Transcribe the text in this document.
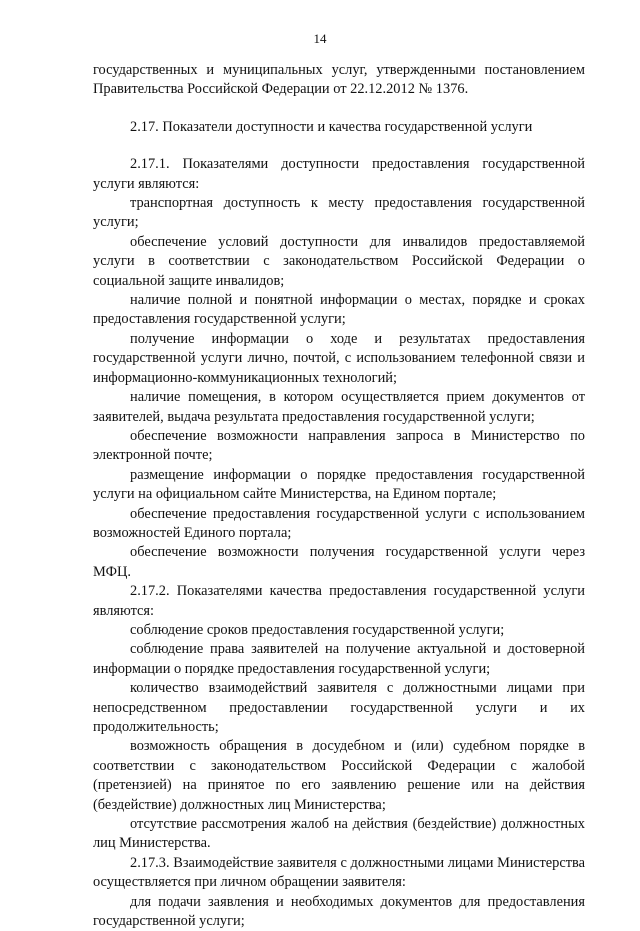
14

государственных и муниципальных услуг, утвержденными постановлением Правительства Российской Федерации от 22.12.2012 № 1376.

2.17. Показатели доступности и качества государственной услуги

2.17.1. Показателями доступности предоставления государственной услуги являются:

транспортная доступность к месту предоставления государственной услуги;

обеспечение условий доступности для инвалидов предоставляемой услуги в соответствии с законодательством Российской Федерации о социальной защите инвалидов;

наличие полной и понятной информации о местах, порядке и сроках предоставления государственной услуги;

получение информации о ходе и результатах предоставления государственной услуги лично, почтой, с использованием телефонной связи и информационно-коммуникационных технологий;

наличие помещения, в котором осуществляется прием документов от заявителей, выдача результата предоставления государственной услуги;

обеспечение возможности направления запроса в Министерство по электронной почте;

размещение информации о порядке предоставления государственной услуги на официальном сайте Министерства, на Едином портале;

обеспечение предоставления государственной услуги с использованием возможностей Единого портала;

обеспечение возможности получения государственной услуги через МФЦ.

2.17.2. Показателями качества предоставления государственной услуги являются:

соблюдение сроков предоставления государственной услуги;

соблюдение права заявителей на получение актуальной и достоверной информации о порядке предоставления государственной услуги;

количество взаимодействий заявителя с должностными лицами при непосредственном предоставлении государственной услуги и их продолжительность;

возможность обращения в досудебном и (или) судебном порядке в соответствии с законодательством Российской Федерации с жалобой (претензией) на принятое по его заявлению решение или на действия (бездействие) должностных лиц Министерства;

отсутствие рассмотрения жалоб на действия (бездействие) должностных лиц Министерства.

2.17.3. Взаимодействие заявителя с должностными лицами Министерства осуществляется при личном обращении заявителя:

для подачи заявления и необходимых документов для предоставления государственной услуги;
